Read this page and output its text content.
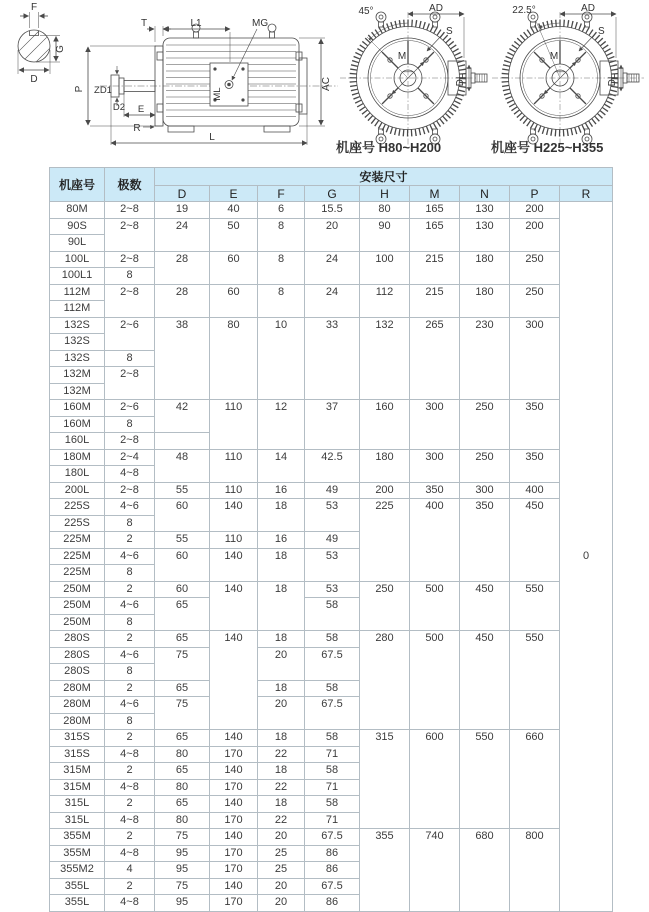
F
G
D
T	L1	MG
P ZD1
D2 E
R
L
AC
ML
45°	AD
S
M
DL
机座号 H80~H200
22.5°	AD
S
M
DL
机座号 H225~H355
机座号	极数	安装尺寸								
		D	E	F	G	H	M	N	P	R
80M	2~8	19	40	6	15.5	80	165	130	200	0
90S	2~8	24	50	8	20	90	165	130	200	
90L										
100L	2~8	28	60	8	24	100	215	180	250	
100L1	8									
112M	2~8	28	60	8	24	112	215	180	250	
112M										
132S	2~6	38	80	10	33	132	265	230	300	
132S										
132S	8									
132M	2~8									
132M										
160M	2~6	42	110	12	37	160	300	250	350	
160M	8									
160L	2~8									
180M	2~4	48	110	14	42.5	180	300	250	350	
180L	4~8									
200L	2~8	55	110	16	49	200	350	300	400	
225S	4~6	60	140	18	53	225	400	350	450	
225S	8									
225M	2	55	110	16	49					
225M	4~6	60	140	18	53					
225M	8									
250M	2	60	140	18	53	250	500	450	550	
250M	4~6	65			58					
250M	8									
280S	2	65	140	18	58	280	500	450	550	
280S	4~6	75		20	67.5					
280S	8									
280M	2	65		18	58					
280M	4~6	75		20	67.5					
280M	8									
315S	2	65	140	18	58	315	600	550	660	
315S	4~8	80	170	22	71					
315M	2	65	140	18	58					
315M	4~8	80	170	22	71					
315L	2	65	140	18	58					
315L	4~8	80	170	22	71					
355M	2	75	140	20	67.5	355	740	680	800	
355M	4~8	95	170	25	86					
355M2	4	95	170	25	86					
355L	2	75	140	20	67.5					
355L	4~8	95	170	20	86					
